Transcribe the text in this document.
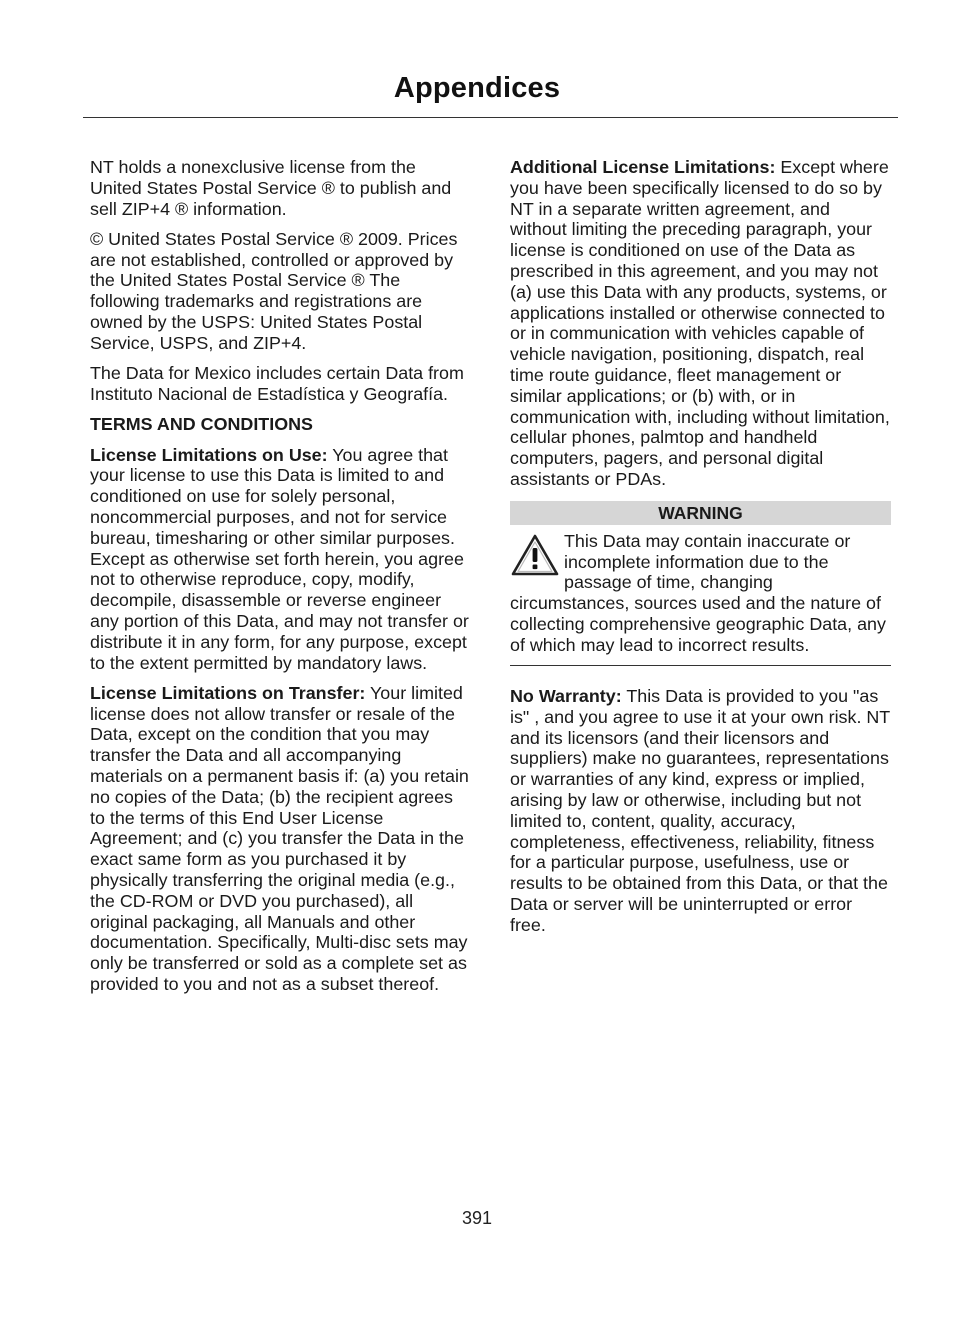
Appendices

NT holds a nonexclusive license from the United States Postal Service ® to publish and sell ZIP+4 ® information.

© United States Postal Service ® 2009. Prices are not established, controlled or approved by the United States Postal Service ® The following trademarks and registrations are owned by the USPS: United States Postal Service, USPS, and ZIP+4.

The Data for Mexico includes certain Data from Instituto Nacional de Estadística y Geografía.

TERMS AND CONDITIONS

License Limitations on Use: You agree that your license to use this Data is limited to and conditioned on use for solely personal, noncommercial purposes, and not for service bureau, timesharing or other similar purposes. Except as otherwise set forth herein, you agree not to otherwise reproduce, copy, modify, decompile, disassemble or reverse engineer any portion of this Data, and may not transfer or distribute it in any form, for any purpose, except to the extent permitted by mandatory laws.

License Limitations on Transfer: Your limited license does not allow transfer or resale of the Data, except on the condition that you may transfer the Data and all accompanying materials on a permanent basis if: (a) you retain no copies of the Data; (b) the recipient agrees to the terms of this End User License Agreement; and (c) you transfer the Data in the exact same form as you purchased it by physically transferring the original media (e.g., the CD-ROM or DVD you purchased), all original packaging, all Manuals and other documentation. Specifically, Multi-disc sets may only be transferred or sold as a complete set as provided to you and not as a subset thereof.

Additional License Limitations: Except where you have been specifically licensed to do so by NT in a separate written agreement, and without limiting the preceding paragraph, your license is conditioned on use of the Data as prescribed in this agreement, and you may not (a) use this Data with any products, systems, or applications installed or otherwise connected to or in communication with vehicles capable of vehicle navigation, positioning, dispatch, real time route guidance, fleet management or similar applications; or (b) with, or in communication with, including without limitation, cellular phones, palmtop and handheld computers, pagers, and personal digital assistants or PDAs.

WARNING

This Data may contain inaccurate or incomplete information due to the passage of time, changing circumstances, sources used and the nature of collecting comprehensive geographic Data, any of which may lead to incorrect results.

No Warranty: This Data is provided to you "as is" , and you agree to use it at your own risk. NT and its licensors (and their licensors and suppliers) make no guarantees, representations or warranties of any kind, express or implied, arising by law or otherwise, including but not limited to, content, quality, accuracy, completeness, effectiveness, reliability, fitness for a particular purpose, usefulness, use or results to be obtained from this Data, or that the Data or server will be uninterrupted or error free.

391
